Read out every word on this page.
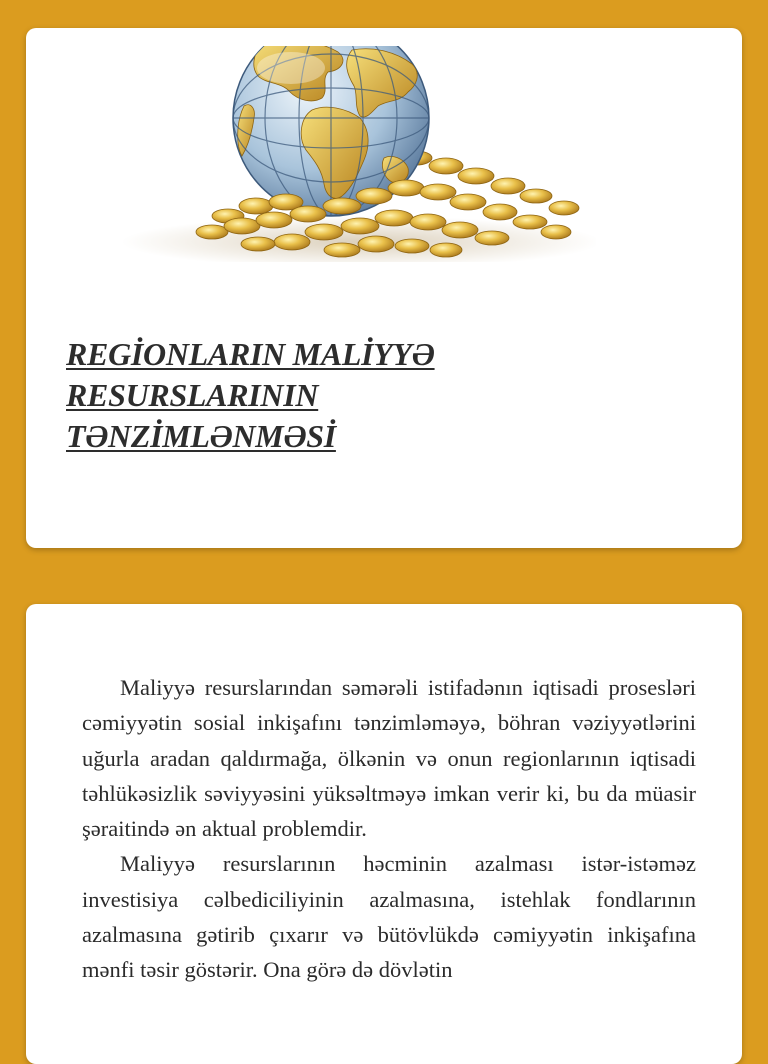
REGİONLARIN MALİYYƏ
RESURSLARININ
TƏNZİMLƏNMƏSİ

Maliyyə resurslarından səmərəli istifadənın iqtisadi prosesləri cəmiyyətin sosial inkişafını tənzimləməyə, böhran vəziyyətlərini uğurla aradan qaldırmağa, ölkənin və onun regionlarının iqtisadi təhlükəsizlik səviyyəsini yüksəltməyə imkan verir ki, bu da müasir şəraitində ən aktual problemdir.

Maliyyə resurslarının həcminin azalması istər-istəməz investisiya cəlbediciliyinin azalmasına, istehlak fondlarının azalmasına gətirib çıxarır və bütövlükdə cəmiyyətin inkişafına mənfi təsir göstərir. Ona görə də dövlətin
